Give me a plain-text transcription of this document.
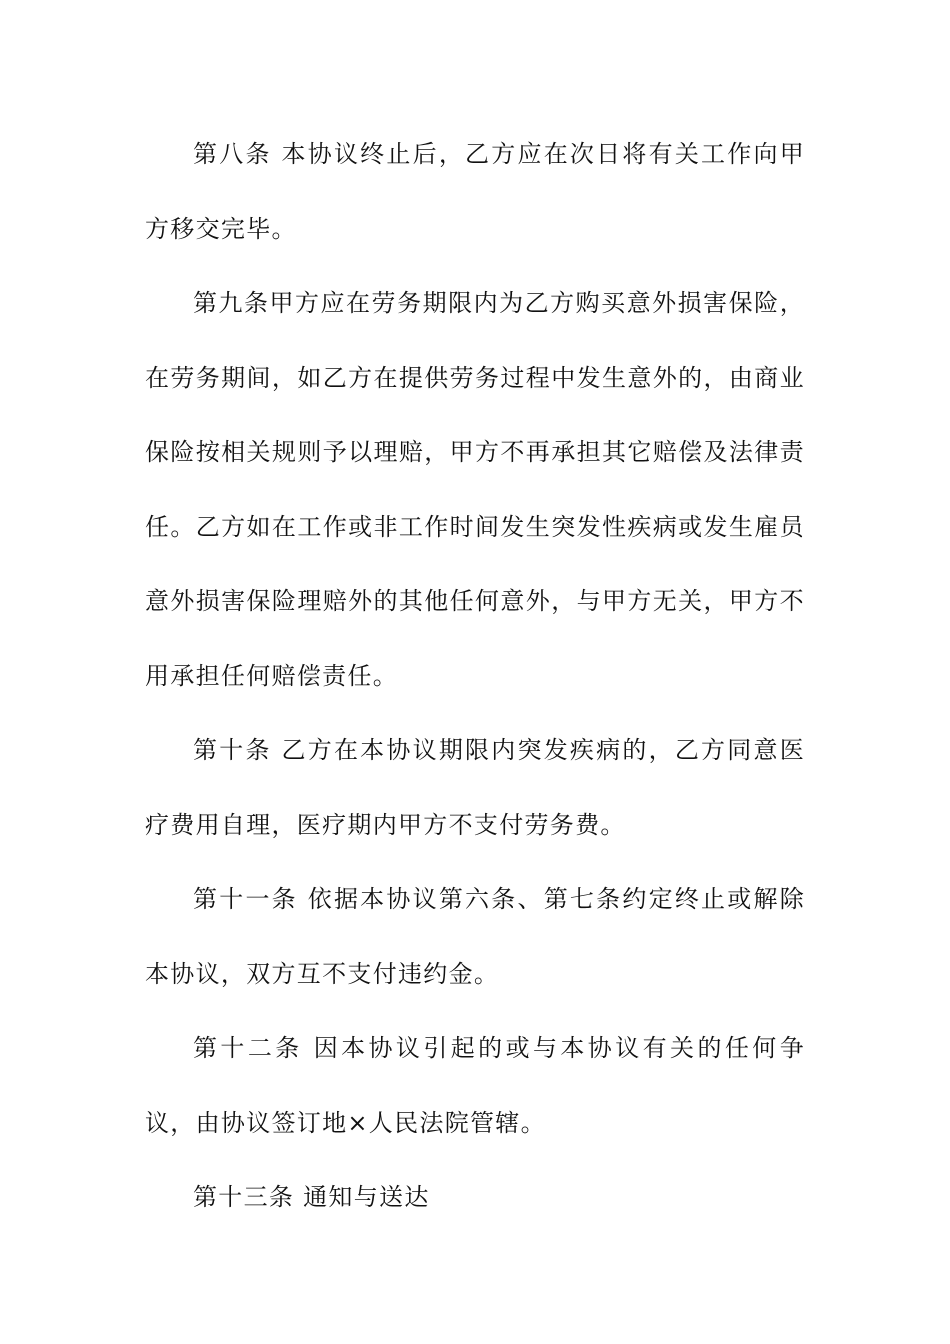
第八条 本协议终止后，乙方应在次日将有关工作向甲方移交完毕。

第九条甲方应在劳务期限内为乙方购买意外损害保险，在劳务期间，如乙方在提供劳务过程中发生意外的，由商业保险按相关规则予以理赔，甲方不再承担其它赔偿及法律责任。乙方如在工作或非工作时间发生突发性疾病或发生雇员意外损害保险理赔外的其他任何意外，与甲方无关，甲方不用承担任何赔偿责任。

第十条 乙方在本协议期限内突发疾病的，乙方同意医疗费用自理，医疗期内甲方不支付劳务费。

第十一条 依据本协议第六条、第七条约定终止或解除本协议，双方互不支付违约金。

第十二条 因本协议引起的或与本协议有关的任何争议，由协议签订地×人民法院管辖。

第十三条 通知与送达
